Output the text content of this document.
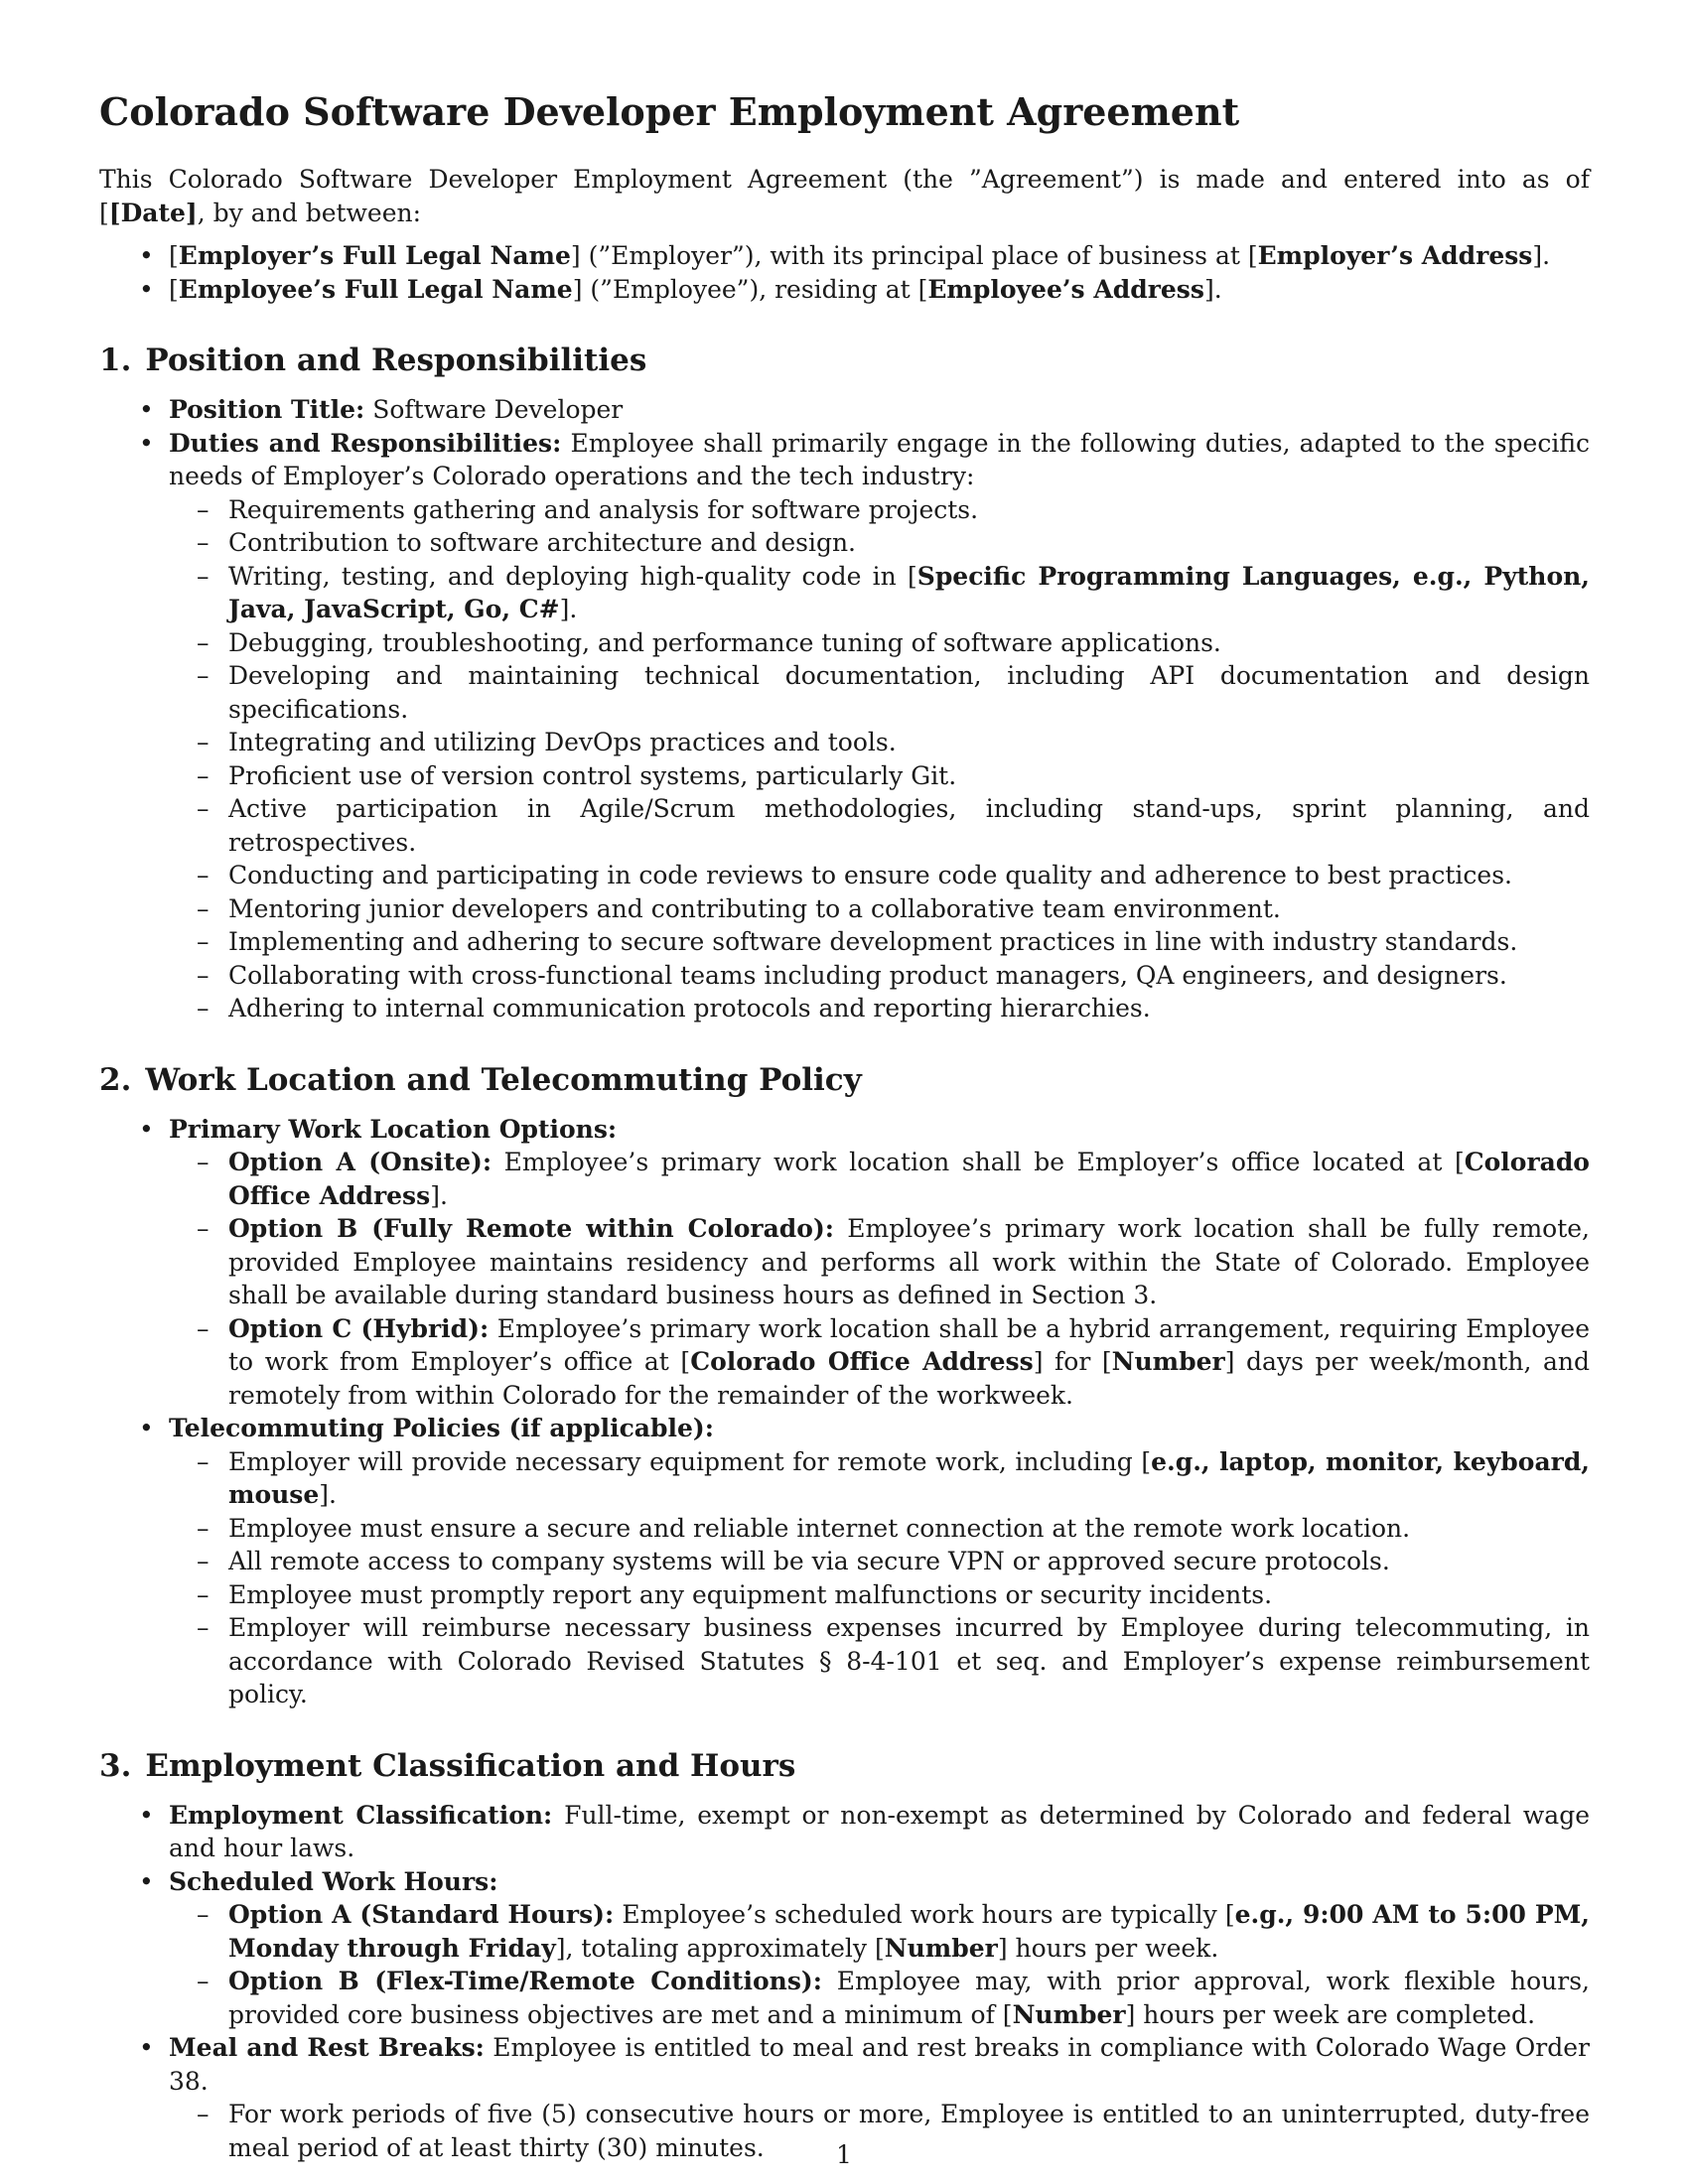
Colorado Software Developer Employment Agreement

This Colorado Software Developer Employment Agreement (the ”Agreement”) is made and entered into as of [[Date], by and between:

• [Employer’s Full Legal Name] (”Employer”), with its principal place of business at [Employer’s Address].
• [Employee’s Full Legal Name] (”Employee”), residing at [Employee’s Address].
1. Position and Responsibilities
• Position Title: Software Developer
• Duties and Responsibilities: Employee shall primarily engage in the following duties, adapted to the specific needs of Employer’s Colorado operations and the tech industry:
– Requirements gathering and analysis for software projects.
– Contribution to software architecture and design.
– Writing, testing, and deploying high-quality code in [Specific Programming Languages, e.g., Python, Java, JavaScript, Go, C#].
– Debugging, troubleshooting, and performance tuning of software applications.
– Developing and maintaining technical documentation, including API documentation and design specifications.
– Integrating and utilizing DevOps practices and tools.
– Proficient use of version control systems, particularly Git.
– Active participation in Agile/Scrum methodologies, including stand-ups, sprint planning, and retrospectives.
– Conducting and participating in code reviews to ensure code quality and adherence to best practices.
– Mentoring junior developers and contributing to a collaborative team environment.
– Implementing and adhering to secure software development practices in line with industry standards.
– Collaborating with cross-functional teams including product managers, QA engineers, and designers.
– Adhering to internal communication protocols and reporting hierarchies.
2. Work Location and Telecommuting Policy
• Primary Work Location Options:
– Option A (Onsite): Employee’s primary work location shall be Employer’s office located at [Colorado Office Address].
– Option B (Fully Remote within Colorado): Employee’s primary work location shall be fully remote, provided Employee maintains residency and performs all work within the State of Colorado. Employee shall be available during standard business hours as defined in Section 3.
– Option C (Hybrid): Employee’s primary work location shall be a hybrid arrangement, requiring Employee to work from Employer’s office at [Colorado Office Address] for [Number] days per week/month, and remotely from within Colorado for the remainder of the workweek.
• Telecommuting Policies (if applicable):
– Employer will provide necessary equipment for remote work, including [e.g., laptop, monitor, keyboard, mouse].
– Employee must ensure a secure and reliable internet connection at the remote work location.
– All remote access to company systems will be via secure VPN or approved secure protocols.
– Employee must promptly report any equipment malfunctions or security incidents.
– Employer will reimburse necessary business expenses incurred by Employee during telecommuting, in accordance with Colorado Revised Statutes § 8-4-101 et seq. and Employer’s expense reimbursement policy.
3. Employment Classification and Hours
• Employment Classification: Full-time, exempt or non-exempt as determined by Colorado and federal wage and hour laws.
• Scheduled Work Hours:
– Option A (Standard Hours): Employee’s scheduled work hours are typically [e.g., 9:00 AM to 5:00 PM, Monday through Friday], totaling approximately [Number] hours per week.
– Option B (Flex-Time/Remote Conditions): Employee may, with prior approval, work flexible hours, provided core business objectives are met and a minimum of [Number] hours per week are completed.
• Meal and Rest Breaks: Employee is entitled to meal and rest breaks in compliance with Colorado Wage Order 38.
– For work periods of five (5) consecutive hours or more, Employee is entitled to an uninterrupted, duty-free meal period of at least thirty (30) minutes.	1
